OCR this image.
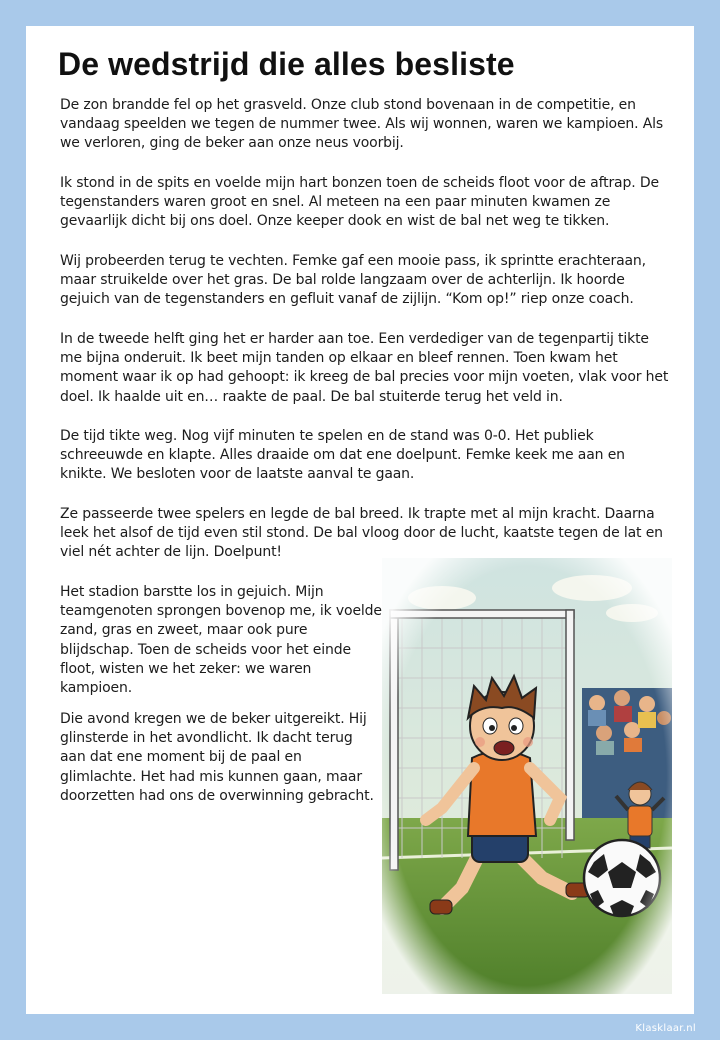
De wedstrijd die alles besliste

De zon brandde fel op het grasveld. Onze club stond bovenaan in de competitie, en vandaag speelden we tegen de nummer twee. Als wij wonnen, waren we kampioen. Als we verloren, ging de beker aan onze neus voorbij.

Ik stond in de spits en voelde mijn hart bonzen toen de scheids floot voor de aftrap. De tegenstanders waren groot en snel. Al meteen na een paar minuten kwamen ze gevaarlijk dicht bij ons doel. Onze keeper dook en wist de bal net weg te tikken.

Wij probeerden terug te vechten. Femke gaf een mooie pass, ik sprintte erachteraan, maar struikelde over het gras. De bal rolde langzaam over de achterlijn. Ik hoorde gejuich van de tegenstanders en gefluit vanaf de zijlijn. “Kom op!” riep onze coach.

In de tweede helft ging het er harder aan toe. Een verdediger van de tegenpartij tikte me bijna onderuit. Ik beet mijn tanden op elkaar en bleef rennen. Toen kwam het moment waar ik op had gehoopt: ik kreeg de bal precies voor mijn voeten, vlak voor het doel. Ik haalde uit en… raakte de paal. De bal stuiterde terug het veld in.

De tijd tikte weg. Nog vijf minuten te spelen en de stand was 0-0. Het publiek schreeuwde en klapte. Alles draaide om dat ene doelpunt. Femke keek me aan en knikte. We besloten voor de laatste aanval te gaan.

Ze passeerde twee spelers en legde de bal breed. Ik trapte met al mijn kracht. Daarna leek het alsof de tijd even stil stond. De bal vloog door de lucht, kaatste tegen de lat en viel nét achter de lijn. Doelpunt!

Het stadion barstte los in gejuich. Mijn teamgenoten sprongen bovenop me, ik voelde zand, gras en zweet, maar ook pure blijdschap. Toen de scheids voor het einde floot, wisten we het zeker: we waren kampioen.

Die avond kregen we de beker uitgereikt. Hij glinsterde in het avondlicht. Ik dacht terug aan dat ene moment bij de paal en glimlachte. Het had mis kunnen gaan, maar doorzetten had ons de overwinning gebracht.

Klasklaar.nl
